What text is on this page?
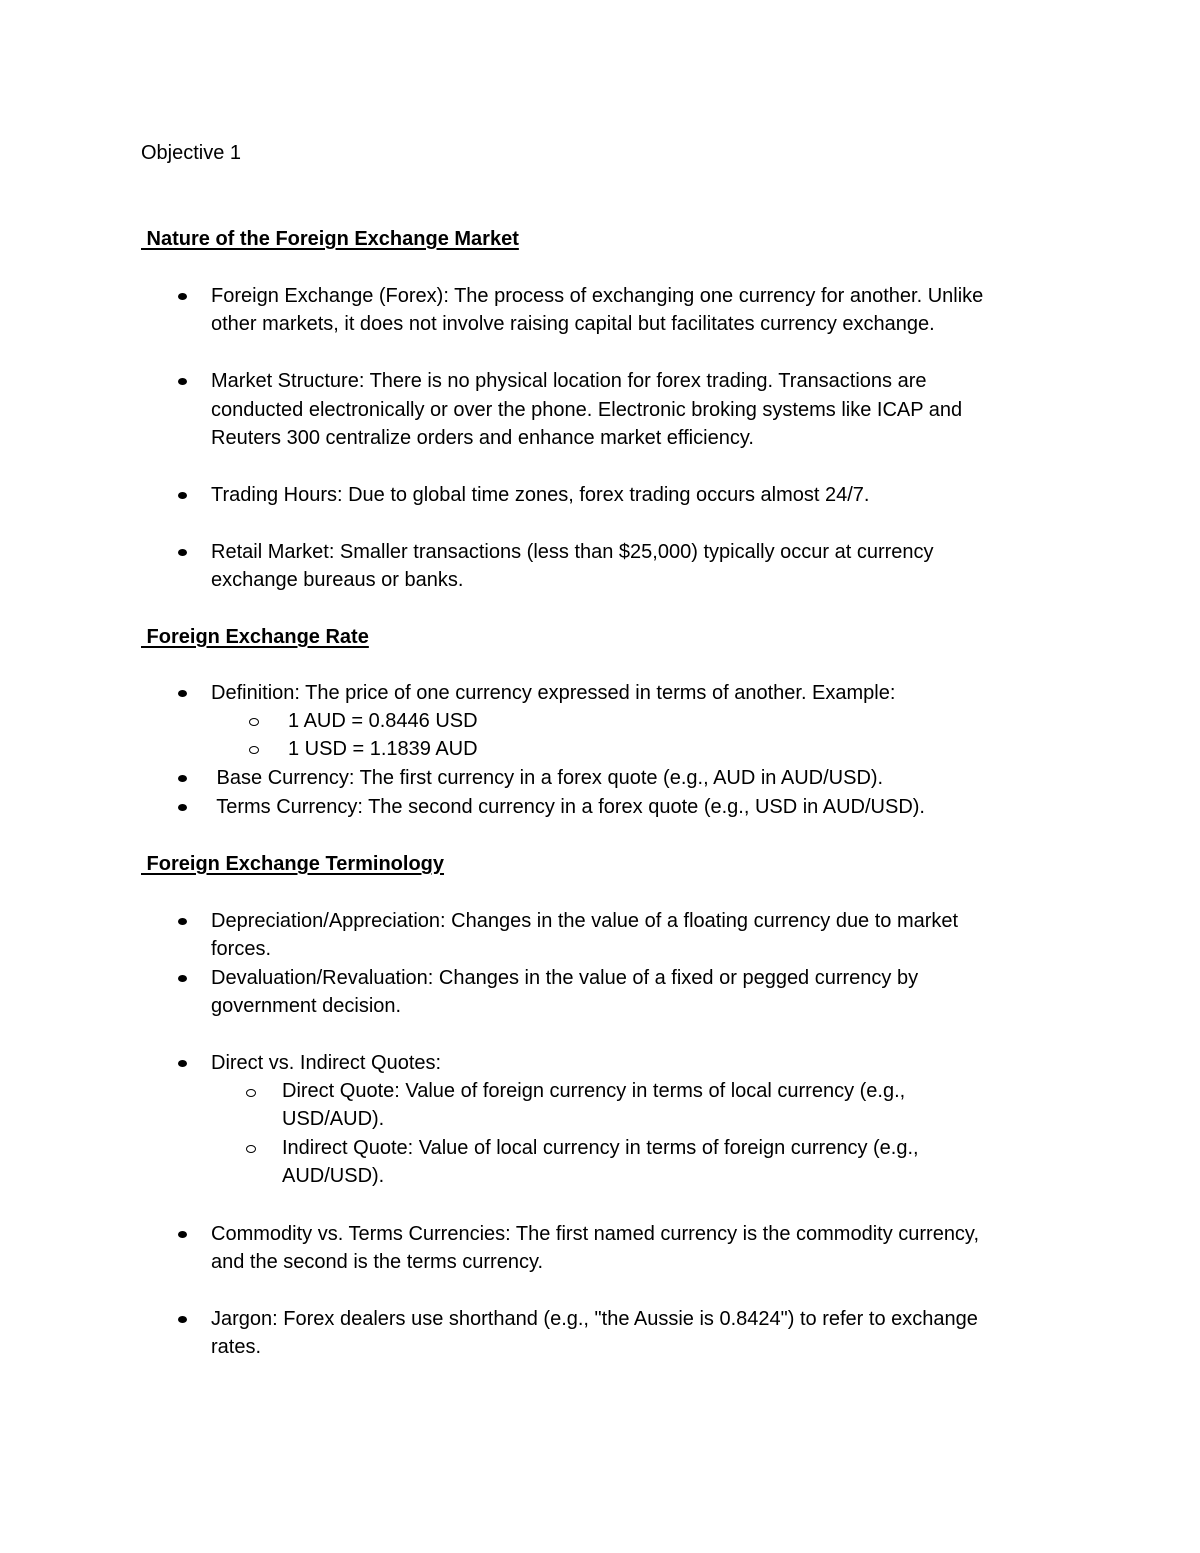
Objective 1
Nature of the Foreign Exchange Market
Foreign Exchange (Forex): The process of exchanging one currency for another. Unlike
other markets, it does not involve raising capital but facilitates currency exchange.
Market Structure: There is no physical location for forex trading. Transactions are
conducted electronically or over the phone. Electronic broking systems like ICAP and
Reuters 300 centralize orders and enhance market efficiency.
Trading Hours: Due to global time zones, forex trading occurs almost 24/7.
Retail Market: Smaller transactions (less than $25,000) typically occur at currency
exchange bureaus or banks.
Foreign Exchange Rate
Definition: The price of one currency expressed in terms of another. Example:
1 AUD = 0.8446 USD
1 USD = 1.1839 AUD
Base Currency: The first currency in a forex quote (e.g., AUD in AUD/USD).
Terms Currency: The second currency in a forex quote (e.g., USD in AUD/USD).
Foreign Exchange Terminology
Depreciation/Appreciation: Changes in the value of a floating currency due to market
forces.
Devaluation/Revaluation: Changes in the value of a fixed or pegged currency by
government decision.
Direct vs. Indirect Quotes:
Direct Quote: Value of foreign currency in terms of local currency (e.g.,
USD/AUD).
Indirect Quote: Value of local currency in terms of foreign currency (e.g.,
AUD/USD).
Commodity vs. Terms Currencies: The first named currency is the commodity currency,
and the second is the terms currency.
Jargon: Forex dealers use shorthand (e.g., "the Aussie is 0.8424") to refer to exchange
rates.
